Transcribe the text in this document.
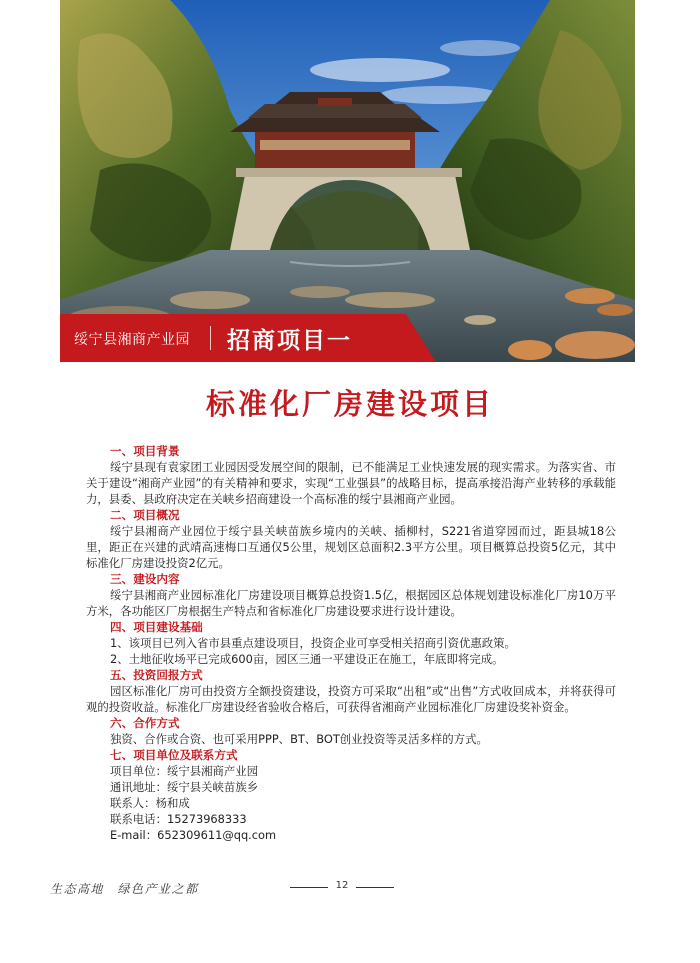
绥宁县湘商产业园 招商项目一
标准化厂房建设项目

一、项目背景

绥宁县现有袁家团工业园因受发展空间的限制，已不能满足工业快速发展的现实需求。为落实省、市关于建设“湘商产业园”的有关精神和要求，实现“工业强县”的战略目标，提高承接沿海产业转移的承载能力，县委、县政府决定在关峡乡招商建设一个高标准的绥宁县湘商产业园。

二、项目概况

绥宁县湘商产业园位于绥宁县关峡苗族乡境内的关峡、插柳村，S221省道穿园而过，距县城18公里，距正在兴建的武靖高速梅口互通仅5公里，规划区总面积2.3平方公里。项目概算总投资5亿元，其中标准化厂房建设投资2亿元。

三、建设内容

绥宁县湘商产业园标准化厂房建设项目概算总投资1.5亿，根据园区总体规划建设标准化厂房10万平方米，各功能区厂房根据生产特点和省标准化厂房建设要求进行设计建设。

四、项目建设基础

1、该项目已列入省市县重点建设项目，投资企业可享受相关招商引资优惠政策。

2、土地征收场平已完成600亩，园区三通一平建设正在施工，年底即将完成。

五、投资回报方式

园区标准化厂房可由投资方全额投资建设，投资方可采取“出租”或“出售”方式收回成本，并将获得可观的投资收益。标准化厂房建设经省验收合格后，可获得省湘商产业园标准化厂房建设奖补资金。

六、合作方式

独资、合作或合资、也可采用PPP、BT、BOT创业投资等灵活多样的方式。

七、项目单位及联系方式

项目单位：绥宁县湘商产业园

通讯地址：绥宁县关峡苗族乡

联系人：杨和成

联系电话：15273968333

E-mail：652309611@qq.com

生态高地　绿色产业之都	12
